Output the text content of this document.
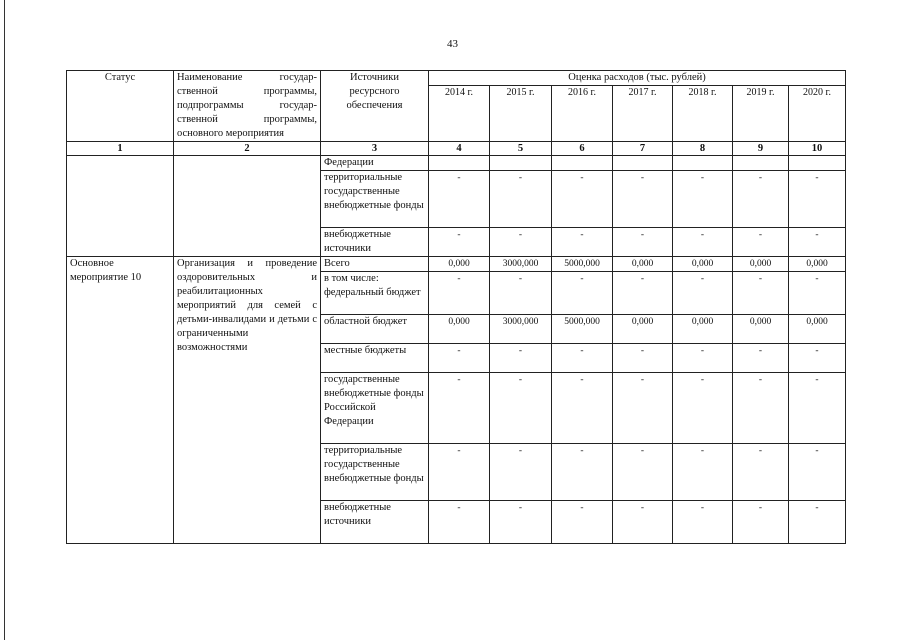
43
Статус	Наименование государ-ственной программы, подпрограммы государ-ственной программы, основного мероприятия	Источники ресурсного обеспечения	Оценка расходов (тыс. рублей)						
			2014 г.	2015 г.	2016 г.	2017 г.	2018 г.	2019 г.	2020 г.
1	2	3	4	5	6	7	8	9	10
		Федерации							
		территориальные государственные внебюджетные фонды	-	-	-	-	-	-	-
		внебюджетные источники	-	-	-	-	-	-	-
Основное мероприятие 10	Организация и проведение оздоровительных и реабилитационных мероприятий для семей с детьми-инвалидами и детьми с ограниченными возможностями	Всего	0,000	3000,000	5000,000	0,000	0,000	0,000	0,000
		в том числе: федеральный бюджет	-	-	-	-	-	-	-
		областной бюджет	0,000	3000,000	5000,000	0,000	0,000	0,000	0,000
		местные бюджеты	-	-	-	-	-	-	-
		государственные внебюджетные фонды Российской Федерации	-	-	-	-	-	-	-
		территориальные государственные внебюджетные фонды	-	-	-	-	-	-	-
		внебюджетные источники	-	-	-	-	-	-	-
